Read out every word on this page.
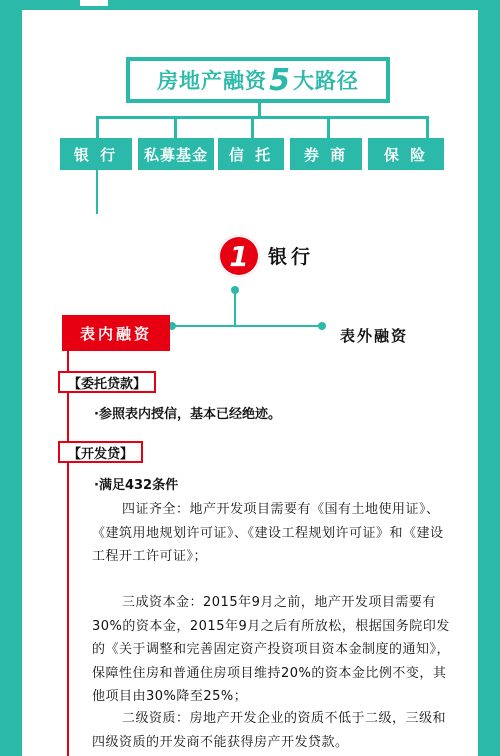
房地产融资 5 大路径
银 行	私募基金	信 托	券 商	保 险
1	银行
表内融资	表外融资
【 委托贷款 】
·参照表内授信，基本已经绝迹。
【 开发贷 】
·满足432条件

四证齐全：地产开发项目需要有《国有土地使用证》、《建筑用地规划许可证》、《建设工程规划许可证》和《建设工程开工许可证》；

三成资本金：2015年9月之前，地产开发项目需要有30%的资本金，2015年9月之后有所放松，根据国务院印发的《关于调整和完善固定资产投资项目资本金制度的通知》，保障性住房和普通住房项目维持20%的资本金比例不变，其他项目由30%降至25%；

二级资质：房地产开发企业的资质不低于二级，三级和四级资质的开发商不能获得房产开发贷款。
